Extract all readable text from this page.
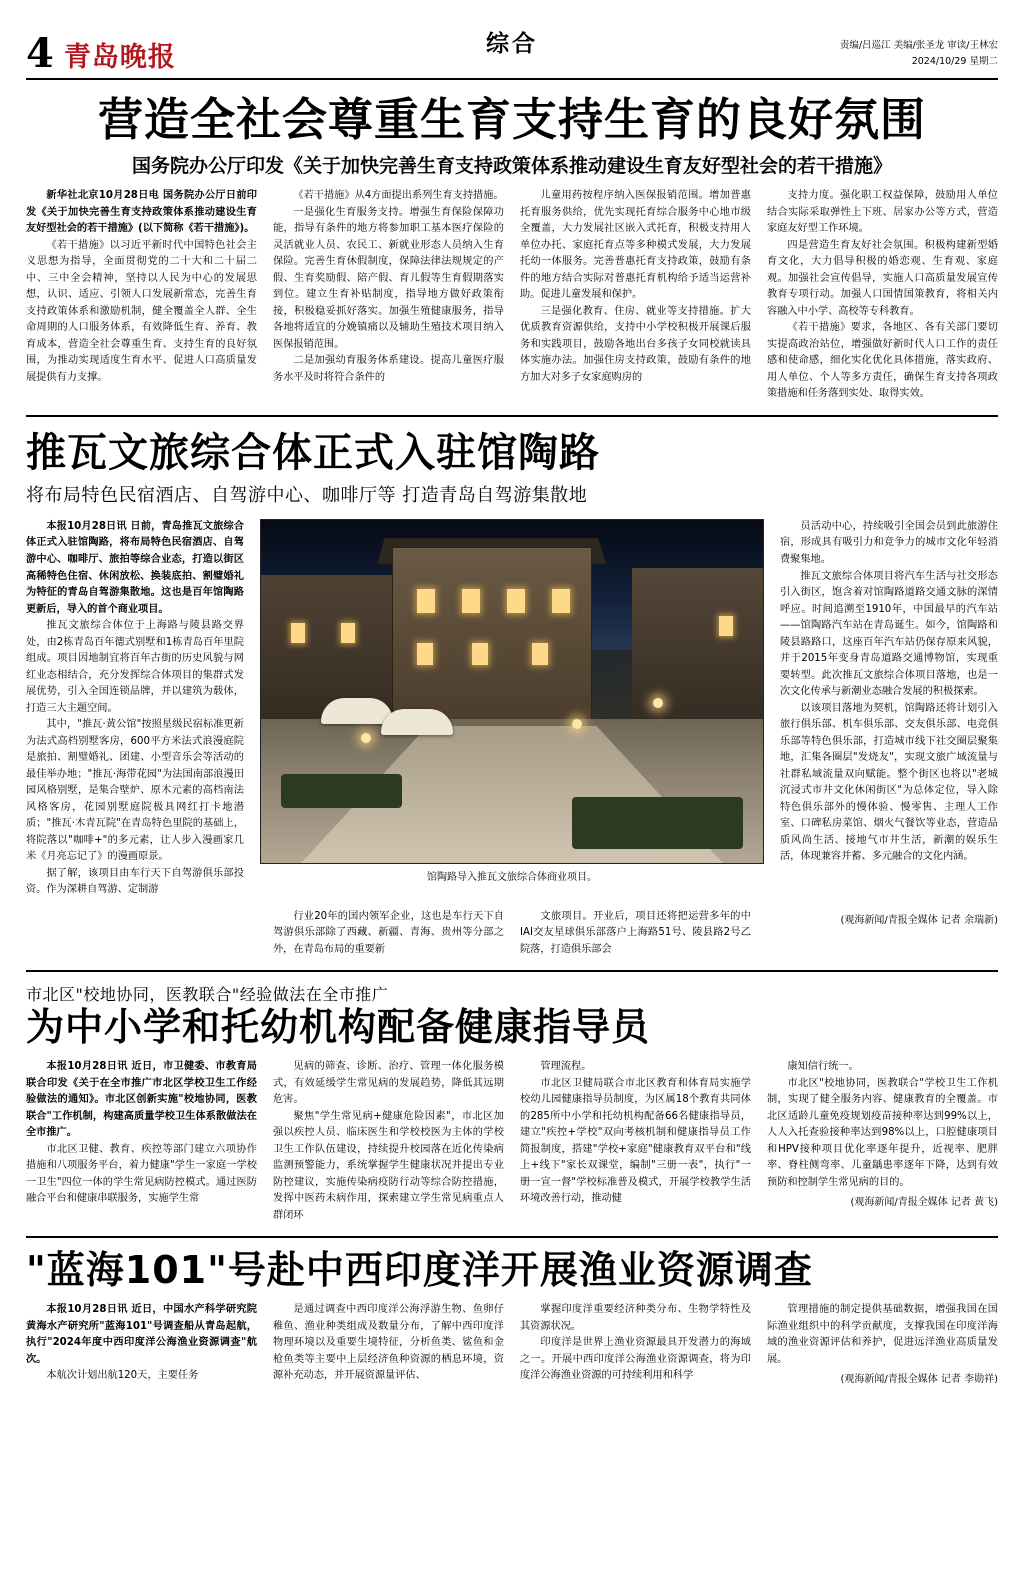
4 青岛晚报	综合	责编/吕巡江 美编/张圣龙 审读/王林宏
2024/10/29 星期二
营造全社会尊重生育支持生育的良好氛围
国务院办公厅印发《关于加快完善生育支持政策体系推动建设生育友好型社会的若干措施》

新华社北京10月28日电 国务院办公厅日前印发《关于加快完善生育支持政策体系推动建设生育友好型社会的若干措施》(以下简称《若干措施》)。

《若干措施》以习近平新时代中国特色社会主义思想为指导，全面贯彻党的二十大和二十届二中、三中全会精神，坚持以人民为中心的发展思想，认识、适应、引领人口发展新常态，完善生育支持政策体系和激励机制，健全覆盖全人群、全生命周期的人口服务体系，有效降低生育、养育、教育成本，营造全社会尊重生育、支持生育的良好氛围，为推动实现适度生育水平、促进人口高质量发展提供有力支撑。

《若干措施》从4方面提出系列生育支持措施。

一是强化生育服务支持。增强生育保险保障功能，指导有条件的地方将参加职工基本医疗保险的灵活就业人员、农民工、新就业形态人员纳入生育保险。完善生育休假制度，保障法律法规规定的产假、生育奖励假、陪产假、育儿假等生育假期落实到位。建立生育补贴制度，指导地方做好政策衔接，积极稳妥抓好落实。加强生殖健康服务，指导各地将适宜的分娩镇痛以及辅助生殖技术项目纳入医保报销范围。

二是加强幼育服务体系建设。提高儿童医疗服务水平及时将符合条件的

儿童用药按程序纳入医保报销范围。增加普惠托育服务供给，优先实现托育综合服务中心地市级全覆盖，大力发展社区嵌入式托育，积极支持用人单位办托、家庭托育点等多种模式发展，大力发展托幼一体服务。完善普惠托育支持政策，鼓励有条件的地方结合实际对普惠托育机构给予适当运营补助。促进儿童发展和保护。

三是强化教育、住房、就业等支持措施。扩大优质教育资源供给，支持中小学校积极开展课后服务和实践项目，鼓励各地出台多孩子女同校就读具体实施办法。加强住房支持政策，鼓励有条件的地方加大对多子女家庭购房的

支持力度。强化职工权益保障，鼓励用人单位结合实际采取弹性上下班、居家办公等方式，营造家庭友好型工作环境。

四是营造生育友好社会氛围。积极构建新型婚育文化，大力倡导积极的婚恋观、生育观、家庭观。加强社会宣传倡导，实施人口高质量发展宣传教育专项行动。加强人口国情国策教育，将相关内容融入中小学、高校等专科教育。

《若干措施》要求，各地区、各有关部门要切实提高政治站位，增强做好新时代人口工作的责任感和使命感，细化实化优化具体措施，落实政府、用人单位、个人等多方责任，确保生育支持各项政策措施和任务落到实处、取得实效。

推瓦文旅综合体正式入驻馆陶路
将布局特色民宿酒店、自驾游中心、咖啡厅等 打造青岛自驾游集散地

本报10月28日讯 日前，青岛推瓦文旅综合体正式入驻馆陶路，将布局特色民宿酒店、自驾游中心、咖啡厅、旅拍等综合业态，打造以街区高稀特色住宿、休闲放松、换装底拍、割璧婚礼为特征的青岛自驾游集散地。这也是百年馆陶路更新后，导入的首个商业项目。

推瓦文旅综合体位于上海路与陵县路交界处，由2栋青岛百年德式别墅和1栋青岛百年里院组成。项目因地制宜将百年古街的历史风貌与网红业态相结合，充分发挥综合体项目的集群式发展优势，引入全国连锁品牌，并以建筑为载体，打造三大主题空间。

其中，"推瓦·黄公馆"按照星级民宿标准更新为法式高档别墅客房，600平方米法式浪漫庭院是旅拍、割璧婚礼、团建、小型音乐会等活动的最佳举办地；"推瓦·海带花园"为法国南部浪漫田园风格别墅，是集合壁炉、原木元素的高档南法风格客房，花园别墅庭院极具网红打卡地潜质；"推瓦·木青瓦院"在青岛特色里院的基础上，将院落以"咖啡+"的多元素，让人步入漫画家几米《月亮忘记了》的漫画原景。

据了解，该项目由车行天下自驾游俱乐部投资。作为深耕自驾游、定制游

馆陶路导入推瓦文旅综合体商业项目。

员活动中心，持续吸引全国会员到此旅游住宿，形成具有吸引力和竞争力的城市文化年轻消费聚集地。

推瓦文旅综合体项目将汽车生活与社交形态引入街区，饱含着对馆陶路道路交通文脉的深情呼应。时间追溯至1910年，中国最早的汽车站——馆陶路汽车站在青岛诞生。如今，馆陶路和陵县路路口，这座百年汽车站仍保存原来风貌，并于2015年变身青岛道路交通博物馆，实现重要转型。此次推瓦文旅综合体项目落地，也是一次文化传承与新潮业态融合发展的积极探索。

以该项目落地为契机，馆陶路还将计划引入旅行俱乐部、机车俱乐部、交友俱乐部、电竞俱乐部等特色俱乐部，打造城市线下社交圈层聚集地，汇集各圈层"发烧友"，实现文旅广域流量与社群私域流量双向赋能。整个街区也将以"老城沉浸式市井文化休闲街区"为总体定位，导入除特色俱乐部外的慢体验、慢零售、主理人工作室、口碑私房菜馆、烟火气餐饮等业态，营造品质风尚生活、接地气市井生活，新潮的娱乐生活，体现兼容并蓄、多元融合的文化内涵。

行业20年的国内领军企业，这也是车行天下自驾游俱乐部除了西藏、新疆、青海、贵州等分部之外，在青岛布局的重要新

文旅项目。开业后，项目还将把运营多年的中IAI交友星球俱乐部落户上海路51号、陵县路2号乙院落，打造俱乐部会

(观海新闻/青报全媒体 记者 余瑞新)
市北区"校地协同，医教联合"经验做法在全市推广
为中小学和托幼机构配备健康指导员

本报10月28日讯 近日，市卫健委、市教育局联合印发《关于在全市推广市北区学校卫生工作经验做法的通知》。市北区创新实施"校地协同，医教联合"工作机制，构建高质量学校卫生体系散做法在全市推广。

市北区卫健、教育、疾控等部门建立六项协作措施和八项服务平台，着力健康"学生一家庭一学校一卫生"四位一体的学生常见病防控模式。通过医防融合平台和健康串联服务，实施学生常

见病的筛查、诊断、治疗、管理一体化服务模式，有效延缓学生常见病的发展趋势，降低其远期危害。

聚焦"学生常见病+健康危险因素"，市北区加强以疾控人员、临床医生和学校校医为主体的学校卫生工作队伍建设，持续提升校园落在近化传染病监测预警能力，系统掌握学生健康状况并提出专业防控建议，实施传染病疫防行动等综合防控措施，发挥中医药未病作用，探索建立学生常见病重点人群闭环

管理流程。

市北区卫健局联合市北区教育和体育局实施学校幼儿园健康指导员制度，为区属18个教育共同体的285所中小学和托幼机构配备66名健康指导员，建立"疾控+学校"双向考核机制和健康指导员工作简报制度，搭建"学校+家庭"健康教育双平台和"线上+线下"家长双课堂，编制"三册一表"，执行"一册一宣一督"学校标准普及模式，开展学校教学生活环境改善行动，推动健

康知信行统一。

市北区"校地协同，医教联合"学校卫生工作机制，实现了健全服务内容、健康教育的全覆盖。市北区适龄儿童免疫规划疫苗接种率达到99%以上，人人入托查验接种率达到98%以上，口腔健康项目和HPV接种项目优化率逐年提升，近视率、肥胖率、脊柱侧弯率、儿童龋患率逐年下降，达到有效预防和控制学生常见病的目的。

(观海新闻/青报全媒体 记者 黄飞)
"蓝海101"号赴中西印度洋开展渔业资源调查

本报10月28日讯 近日，中国水产科学研究院黄海水产研究所"蓝海101"号调查船从青岛起航，执行"2024年度中西印度洋公海渔业资源调查"航次。

本航次计划出航120天，主要任务

是通过调查中西印度洋公海浮游生物、鱼卵仔稚鱼、渔业种类组成及数量分布，了解中西印度洋物理环境以及重要生境特征，分析鱼类、鲨鱼和金枪鱼类等主要中上层经济鱼种资源的栖息环境，资源补充动态，并开展资源量评估、

掌握印度洋重要经济种类分布、生物学特性及其资源状况。

印度洋是世界上渔业资源最具开发潜力的海域之一。开展中西印度洋公海渔业资源调查，将为印度洋公海渔业资源的可持续利用和科学

管理措施的制定提供基础数据，增强我国在国际渔业组织中的科学贡献度，支撑我国在印度洋海域的渔业资源评估和养护，促进远洋渔业高质量发展。

(观海新闻/青报全媒体 记者 李勋祥)
